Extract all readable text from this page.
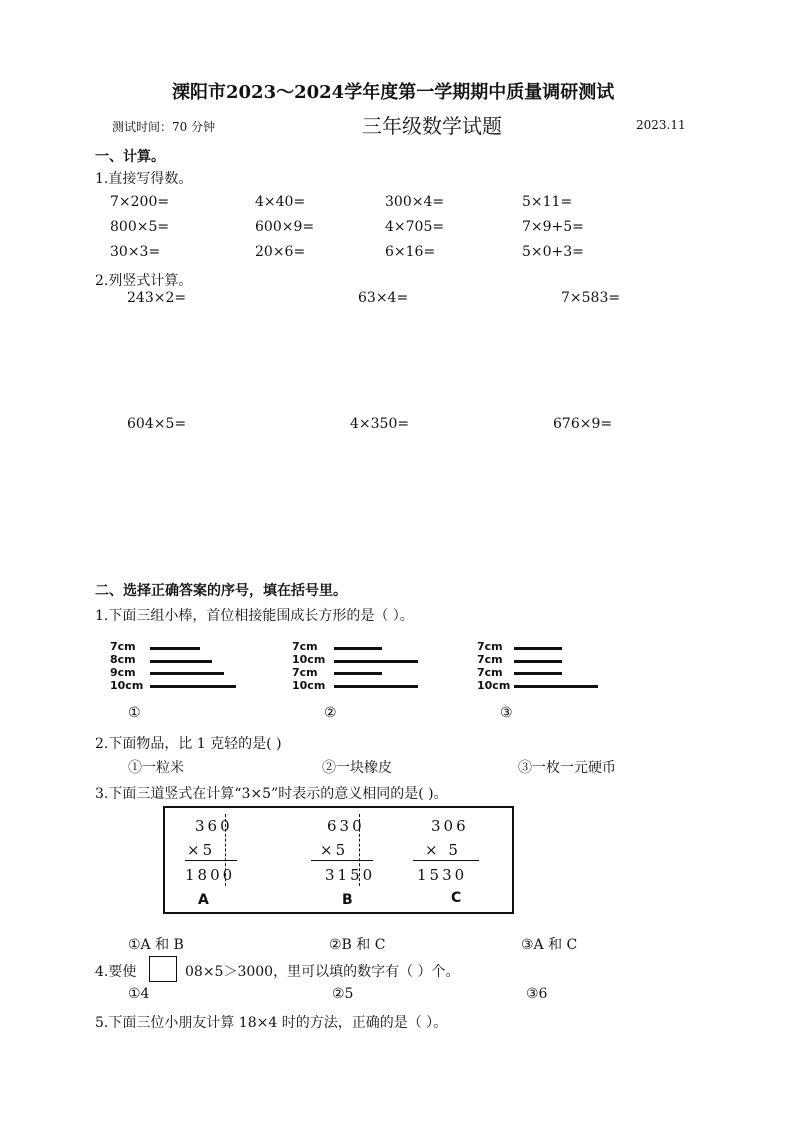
溧阳市2023～2024学年度第一学期期中质量调研测试
测试时间：70 分钟	三年级数学试题	2023.11
一、计算。
1.直接写得数。
7×200=	4×40=	300×4=	5×11=
800×5=	600×9=	4×705=	7×9+5=
30×3=	20×6=	6×16=	5×0+3=
2.列竖式计算。
243×2=	63×4=	7×583=
604×5=	4×350=	676×9=
二、选择正确答案的序号，填在括号里。
1.下面三组小棒，首位相接能围成长方形的是（ ）。
7cm
8cm
9cm
10cm
①
7cm
10cm
7cm
10cm
②
7cm
7cm
7cm
10cm
③
2.下面物品，比 1 克轻的是( )
①一粒米	②一块橡皮	③一枚一元硬币
3.下面三道竖式在计算“3×5”时表示的意义相同的是( )。
360
×5
1800
A
630
×5
3150
B
306
× 5
1530
C
①A 和 B	②B 和 C	③A 和 C
4.要使	08×5＞3000，里可以填的数字有（ ）个。
①4	②5	③6
5.下面三位小朋友计算 18×4 时的方法，正确的是（ ）。
